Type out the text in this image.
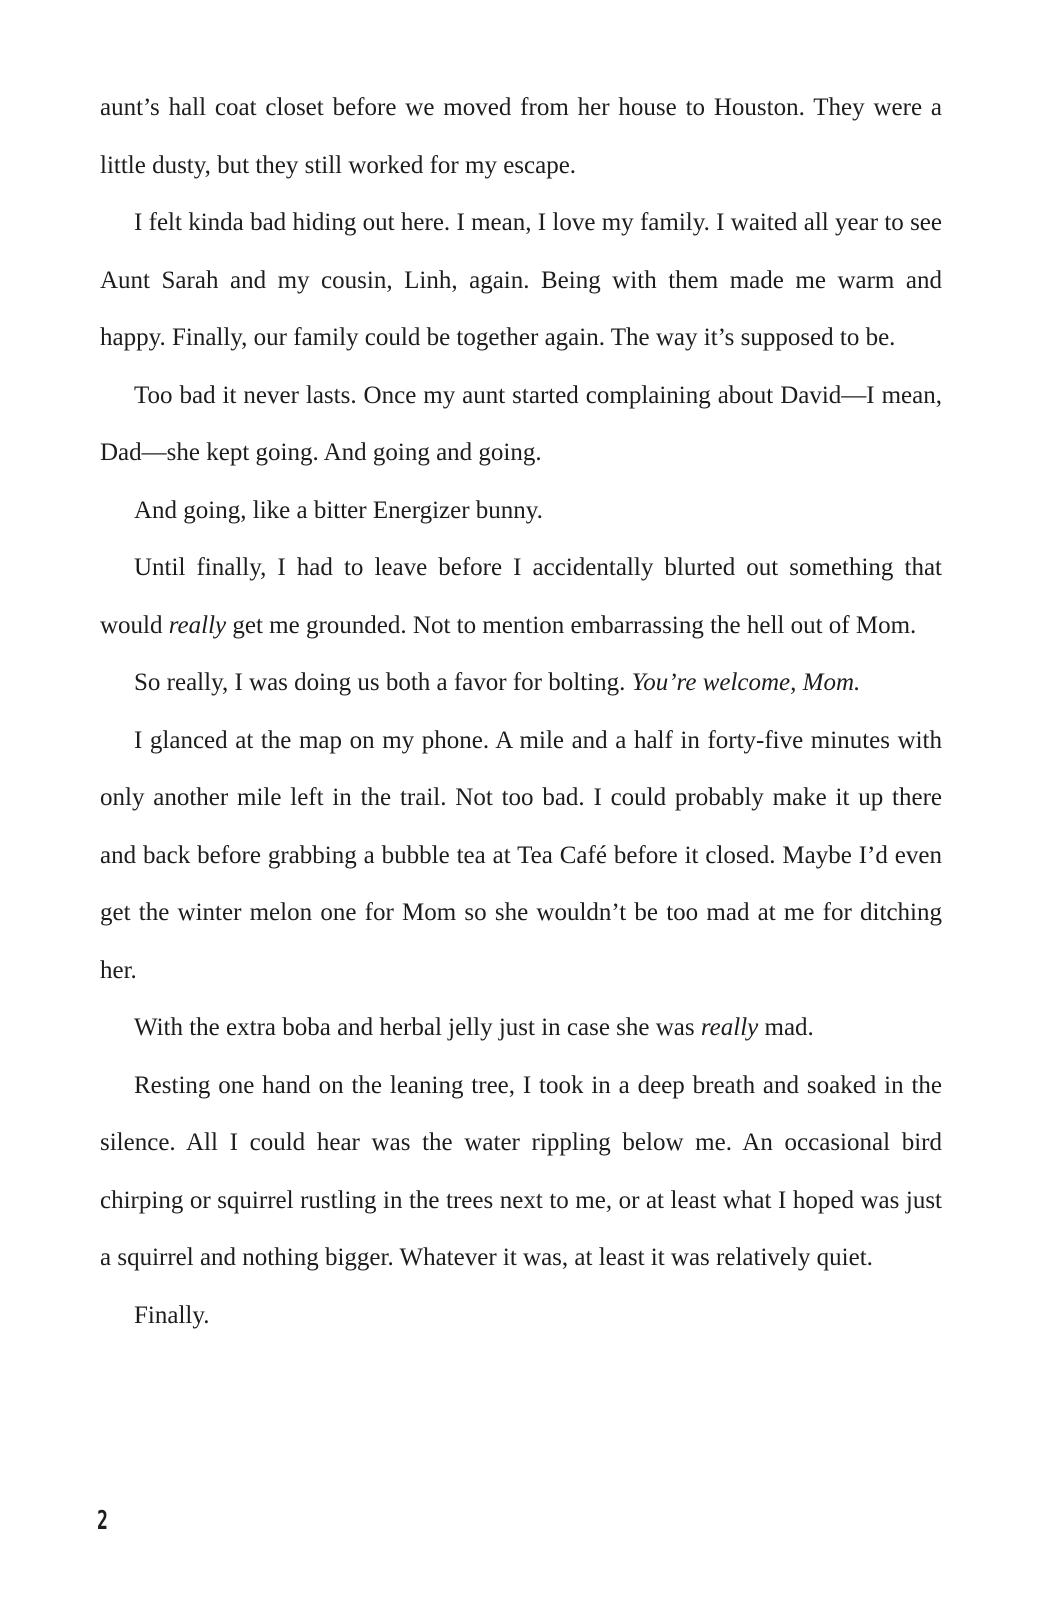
aunt’s hall coat closet before we moved from her house to Houston. They were a little dusty, but they still worked for my escape.

I felt kinda bad hiding out here. I mean, I love my family. I waited all year to see Aunt Sarah and my cousin, Linh, again. Being with them made me warm and happy. Finally, our family could be together again. The way it’s supposed to be.

Too bad it never lasts. Once my aunt started complaining about David—I mean, Dad—she kept going. And going and going.

And going, like a bitter Energizer bunny.

Until finally, I had to leave before I accidentally blurted out something that would really get me grounded. Not to mention embarrassing the hell out of Mom.

So really, I was doing us both a favor for bolting. You’re welcome, Mom.

I glanced at the map on my phone. A mile and a half in forty-five minutes with only another mile left in the trail. Not too bad. I could probably make it up there and back before grabbing a bubble tea at Tea Café before it closed. Maybe I’d even get the winter melon one for Mom so she wouldn’t be too mad at me for ditching her.

With the extra boba and herbal jelly just in case she was really mad.

Resting one hand on the leaning tree, I took in a deep breath and soaked in the silence. All I could hear was the water rippling below me. An occasional bird chirping or squirrel rustling in the trees next to me, or at least what I hoped was just a squirrel and nothing bigger. Whatever it was, at least it was relatively quiet.

Finally.

2
